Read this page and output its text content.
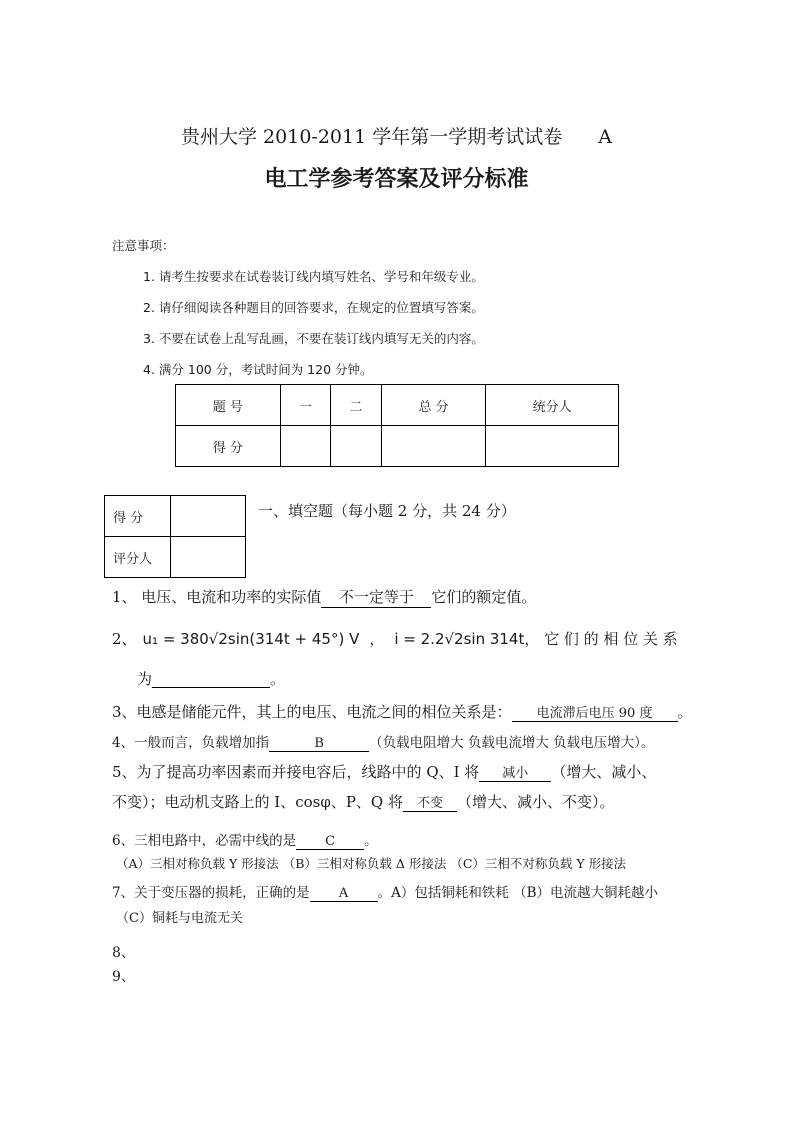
贵州大学 2010-2011 学年第一学期考试试卷 A
电工学参考答案及评分标准
注意事项：
1. 请考生按要求在试卷装订线内填写姓名、学号和年级专业。
2. 请仔细阅读各种题目的回答要求，在规定的位置填写答案。
3. 不要在试卷上乱写乱画，不要在装订线内填写无关的内容。
4. 满分 100 分，考试时间为 120 分钟。
题 号	一	二	总 分	统分人
得 分				
得 分	
评分人	
一、填空题（每小题 2 分，共 24 分）
1、 电压、电流和功率的实际值 不一定等于 它们的额定值。
2、 u₁ = 380√2sin(314t + 45°) V ， i = 2.2√2sin 314t， 它 们 的 相 位 关 系
为	。
3、电感是储能元件，其上的电压、电流之间的相位关系是： 电流滞后电压 90 度 。
4、一般而言，负载增加指	B	（负载电阻增大 负载电流增大 负载电压增大）。
5、为了提高功率因素而并接电容后，线路中的 Q、I 将 减小 （增大、减小、
不变）；电动机支路上的 I、cosφ、P、Q 将 不变 （增大、减小、不变）。
6、三相电路中，必需中线的是 C 。
（A）三相对称负载 Y 形接法 （B）三相对称负载 Δ 形接法 （C）三相不对称负载 Y 形接法
7、关于变压器的损耗，正确的是 A 。A）包括铜耗和铁耗 （B）电流越大铜耗越小
（C）铜耗与电流无关
8、
9、
